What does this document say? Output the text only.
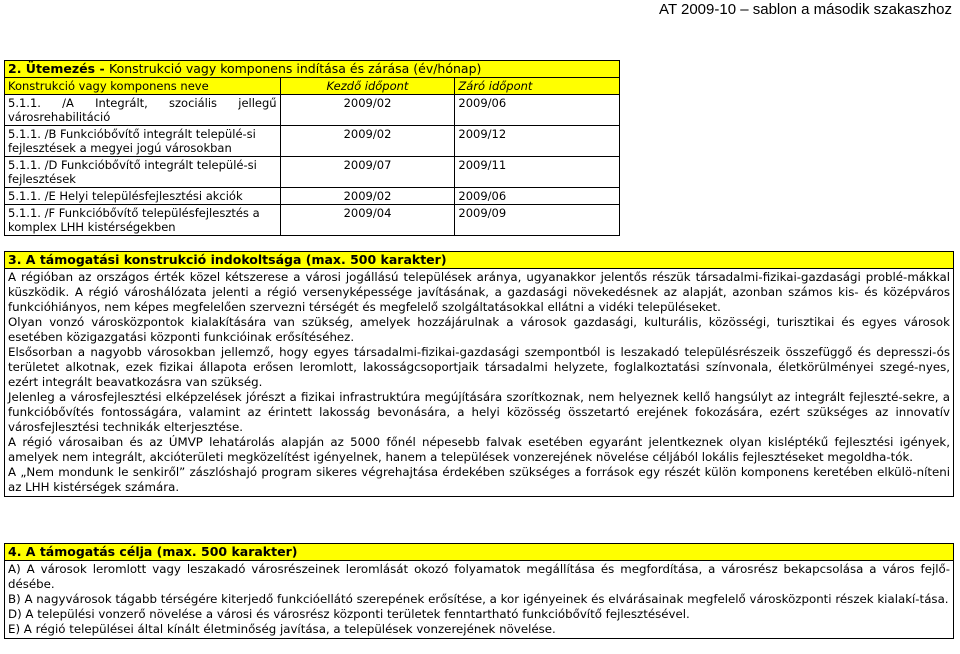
AT 2009-10 – sablon a második szakaszhoz
2. Ütemezés - Konstrukció vagy komponens indítása és zárása (év/hónap)		
Konstrukció vagy komponens neve	Kezdő időpont	Záró időpont
5.1.1. /A Integrált, szociális jellegű városrehabilitáció	2009/02	2009/06
5.1.1. /B Funkcióbővítő integrált települé-si fejlesztések a megyei jogú városokban	2009/02	2009/12
5.1.1. /D Funkcióbővítő integrált települé-si fejlesztések	2009/07	2009/11
5.1.1. /E Helyi településfejlesztési akciók	2009/02	2009/06
5.1.1. /F Funkcióbővítő településfejlesztés a komplex LHH kistérségekben	2009/04	2009/09
3. A támogatási konstrukció indokoltsága (max. 500 karakter)

A régióban az országos érték közel kétszerese a városi jogállású települések aránya, ugyanakkor jelentős részük társadalmi-fizikai-gazdasági problé-mákkal küszködik. A régió városhálózata jelenti a régió versenyképessége javításának, a gazdasági növekedésnek az alapját, azonban számos kis- és középváros funkcióhiányos, nem képes megfelelően szervezni térségét és megfelelő szolgáltatásokkal ellátni a vidéki településeket.

Olyan vonzó városközpontok kialakítására van szükség, amelyek hozzájárulnak a városok gazdasági, kulturális, közösségi, turisztikai és egyes városok esetében közigazgatási központi funkcióinak erősítéséhez.

Elsősorban a nagyobb városokban jellemző, hogy egyes társadalmi-fizikai-gazdasági szempontból is leszakadó településrészeik összefüggő és depresszi-ós területet alkotnak, ezek fizikai állapota erősen leromlott, lakosságcsoportjaik társadalmi helyzete, foglalkoztatási színvonala, életkörülményei szegé-nyes, ezért integrált beavatkozásra van szükség.

Jelenleg a városfejlesztési elképzelések jórészt a fizikai infrastruktúra megújítására szorítkoznak, nem helyeznek kellő hangsúlyt az integrált fejleszté-sekre, a funkcióbővítés fontosságára, valamint az érintett lakosság bevonására, a helyi közösség összetartó erejének fokozására, ezért szükséges az innovatív városfejlesztési technikák elterjesztése.

A régió városaiban és az ÚMVP lehatárolás alapján az 5000 főnél népesebb falvak esetében egyaránt jelentkeznek olyan kisléptékű fejlesztési igények, amelyek nem integrált, akcióterületi megközelítést igényelnek, hanem a települések vonzerejének növelése céljából lokális fejlesztéseket megoldha-tók.

A „Nem mondunk le senkiről” zászlóshajó program sikeres végrehajtása érdekében szükséges a források egy részét külön komponens keretében elkülö-níteni az LHH kistérségek számára.

4. A támogatás célja (max. 500 karakter)

A) A városok leromlott vagy leszakadó városrészeinek leromlását okozó folyamatok megállítása és megfordítása, a városrész bekapcsolása a város fejlő-désébe.

B) A nagyvárosok tágabb térségére kiterjedő funkcióellátó szerepének erősítése, a kor igényeinek és elvárásainak megfelelő városközponti részek kialakí-tása.

D) A települési vonzerő növelése a városi és városrész központi területek fenntartható funkcióbővítő fejlesztésével.

E) A régió települései által kínált életminőség javítása, a települések vonzerejének növelése.
